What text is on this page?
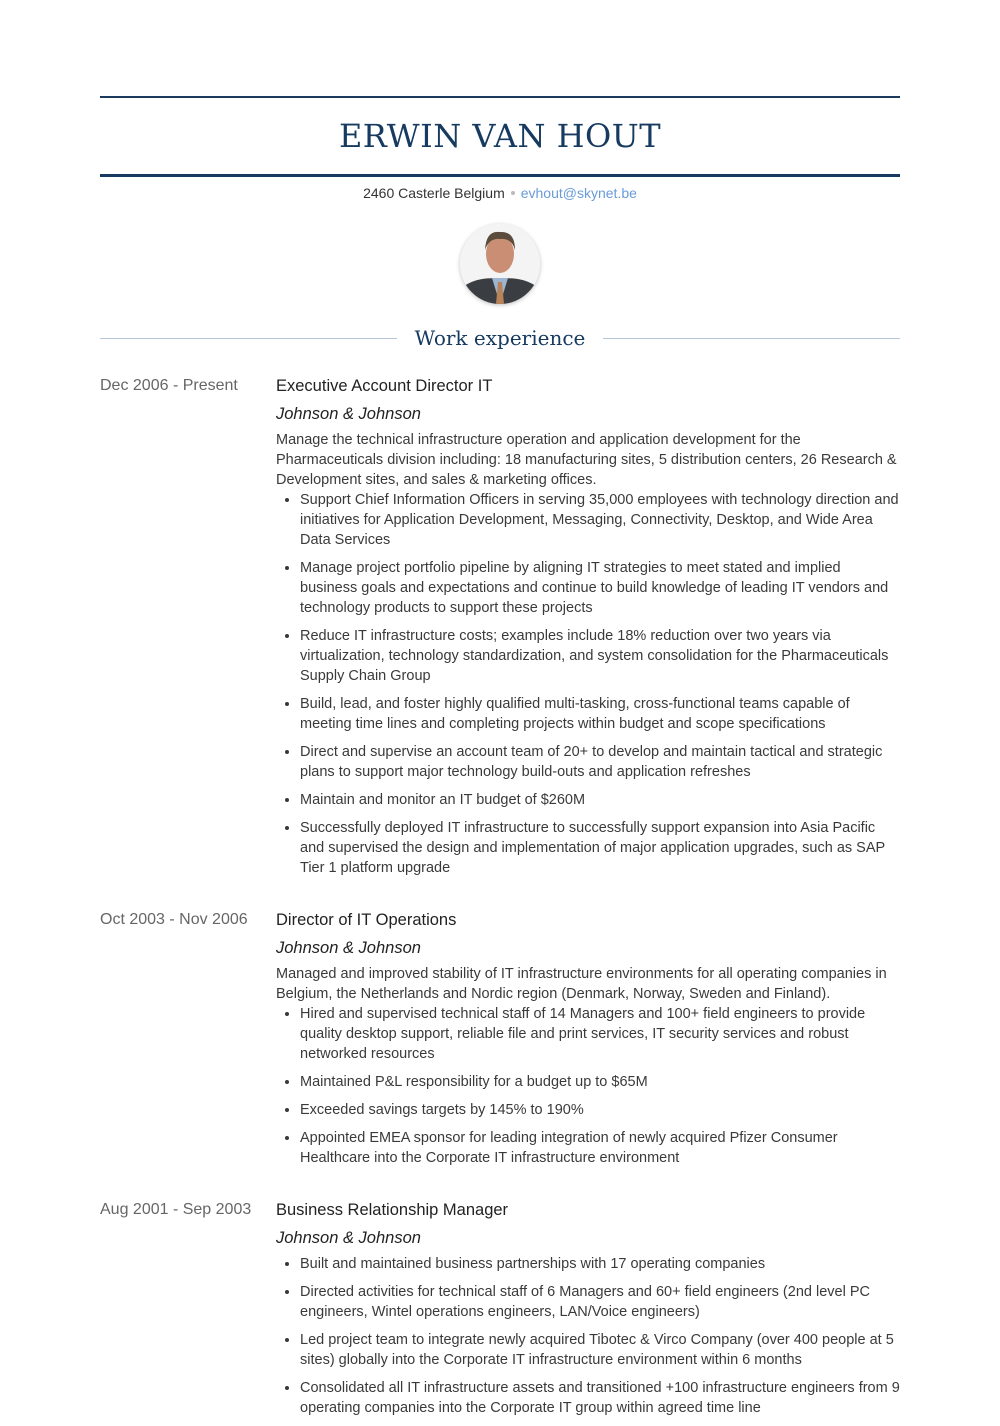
ERWIN VAN HOUT
2460 Casterle Belgium evhout@skynet.be
Work experience
Dec 2006 - Present	Executive Account Director IT
Johnson & Johnson
Manage the technical infrastructure operation and application development for the Pharmaceuticals division including: 18 manufacturing sites, 5 distribution centers, 26 Research & Development sites, and sales & marketing offices.
• Support Chief Information Officers in serving 35,000 employees with technology direction and initiatives for Application Development, Messaging, Connectivity, Desktop, and Wide Area Data Services
• Manage project portfolio pipeline by aligning IT strategies to meet stated and implied business goals and expectations and continue to build knowledge of leading IT vendors and technology products to support these projects
• Reduce IT infrastructure costs; examples include 18% reduction over two years via virtualization, technology standardization, and system consolidation for the Pharmaceuticals Supply Chain Group
• Build, lead, and foster highly qualified multi-tasking, cross-functional teams capable of meeting time lines and completing projects within budget and scope specifications
• Direct and supervise an account team of 20+ to develop and maintain tactical and strategic plans to support major technology build-outs and application refreshes
• Maintain and monitor an IT budget of $260M
• Successfully deployed IT infrastructure to successfully support expansion into Asia Pacific and supervised the design and implementation of major application upgrades, such as SAP Tier 1 platform upgrade
Oct 2003 - Nov 2006	Director of IT Operations
Johnson & Johnson
Managed and improved stability of IT infrastructure environments for all operating companies in Belgium, the Netherlands and Nordic region (Denmark, Norway, Sweden and Finland).
• Hired and supervised technical staff of 14 Managers and 100+ field engineers to provide quality desktop support, reliable file and print services, IT security services and robust networked resources
• Maintained P&L responsibility for a budget up to $65M
• Exceeded savings targets by 145% to 190%
• Appointed EMEA sponsor for leading integration of newly acquired Pfizer Consumer Healthcare into the Corporate IT infrastructure environment
Aug 2001 - Sep 2003	Business Relationship Manager
Johnson & Johnson
• Built and maintained business partnerships with 17 operating companies
• Directed activities for technical staff of 6 Managers and 60+ field engineers (2nd level PC engineers, Wintel operations engineers, LAN/Voice engineers)
• Led project team to integrate newly acquired Tibotec & Virco Company (over 400 people at 5 sites) globally into the Corporate IT infrastructure environment within 6 months
• Consolidated all IT infrastructure assets and transitioned +100 infrastructure engineers from 9 operating companies into the Corporate IT group within agreed time line
